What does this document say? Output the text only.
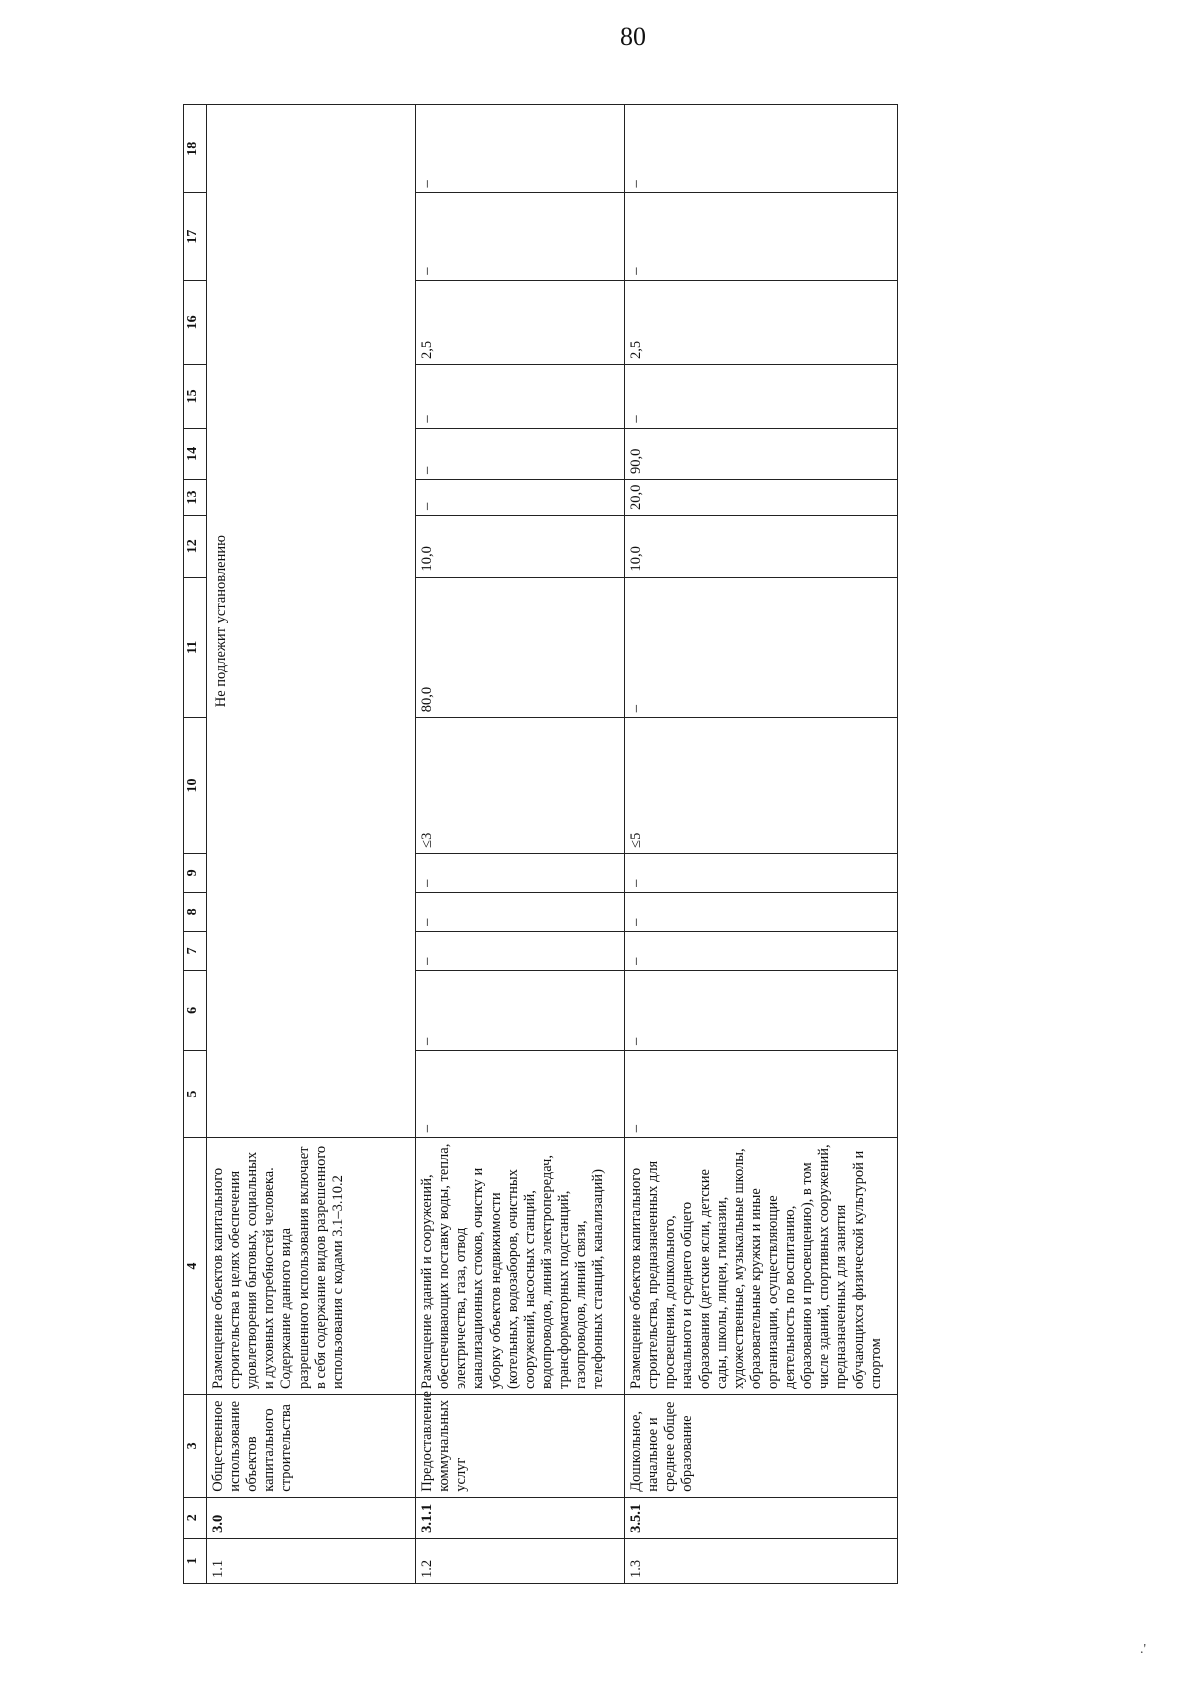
80
1	2	3	4	5	6	7	8	9	10	11	12	13	14	15	16	17	18
1.1	3.0	Общественное использование объектов капитального строительства	Размещение объектов капитального строительства в целях обеспечения удовлетворения бытовых, социальных и духовных потребностей человека. Содержание данного вида разрешенного использования включает в себя содержание видов разрешенного использования с кодами 3.1–3.10.2	Не подлежит установлению													
1.2	3.1.1	Предоставление коммунальных услуг	Размещение зданий и сооружений, обеспечивающих поставку воды, тепла, электричества, газа, отвод канализационных стоков, очистку и уборку объектов недвижимости (котельных, водозаборов, очистных сооружений, насосных станций, водопроводов, линий электропередач, трансформаторных подстанций, газопроводов, линий связи, телефонных станций, канализаций)	–	–	–	–	–	≤3	80,0	10,0	–	–	–	2,5	–	–
1.3	3.5.1	Дошкольное, начальное и среднее общее образование	Размещение объектов капитального строительства, предназначенных для просвещения, дошкольного, начального и среднего общего образования (детские ясли, детские сады, школы, лицеи, гимназии, художественные, музыкальные школы, образовательные кружки и иные организации, осуществляющие деятельность по воспитанию, образованию и просвещению), в том числе зданий, спортивных сооружений, предназначенных для занятия обучающихся физической культурой и спортом	–	–	–	–	–	≤5	–	10,0	20,0	90,0	–	2,5	–	–
.'
